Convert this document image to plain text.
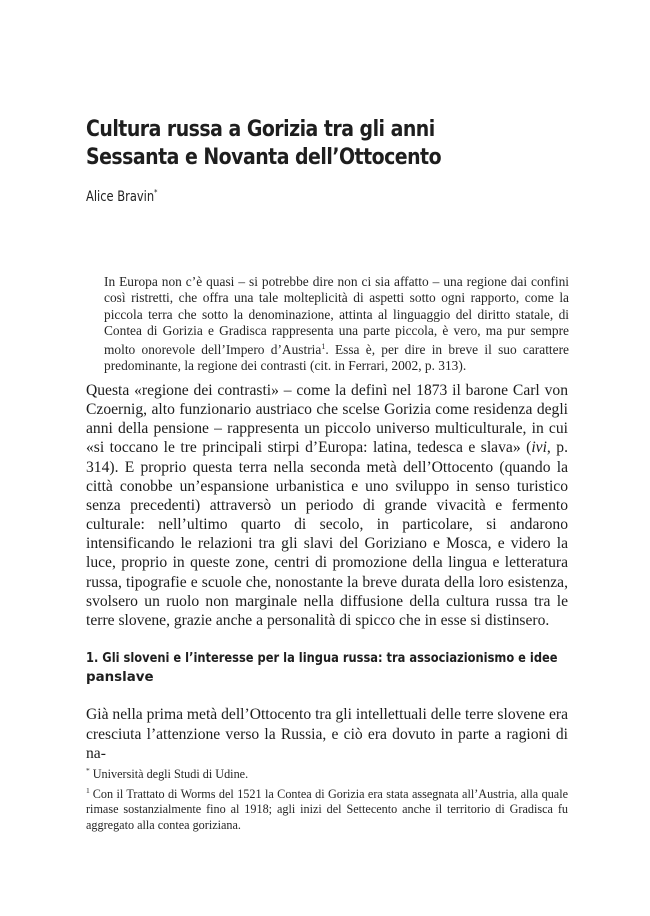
Cultura russa a Gorizia tra gli anni
Sessanta e Novanta dell’Ottocento
Alice Bravin*
In Europa non c’è quasi – si potrebbe dire non ci sia affatto – una regione dai confini così ristretti, che offra una tale molteplicità di aspetti sotto ogni rapporto, come la piccola terra che sotto la denominazione, attinta al linguaggio del diritto statale, di Contea di Gorizia e Gradisca rappresenta una parte piccola, è vero, ma pur sempre molto onorevole dell’Impero d’Austria$^1$. Essa è, per dire in breve il suo carattere predominante, la regione dei contrasti (cit. in Ferrari, 2002, p. 313).
Questa «regione dei contrasti» – come la definì nel 1873 il barone Carl von Czoernig, alto funzionario austriaco che scelse Gorizia come residenza degli anni della pensione – rappresenta un piccolo universo multiculturale, in cui «si toccano le tre principali stirpi d’Europa: latina, tedesca e slava» (ivi, p. 314). E proprio questa terra nella seconda metà dell’Ottocento (quando la città conobbe un’espansione urbanistica e uno sviluppo in senso turistico senza precedenti) attraversò un periodo di grande vivacità e fermento culturale: nell’ultimo quarto di secolo, in particolare, si andarono intensificando le relazioni tra gli slavi del Goriziano e Mosca, e videro la luce, proprio in queste zone, centri di promozione della lingua e letteratura russa, tipografie e scuole che, nonostante la breve durata della loro esistenza, svolsero un ruolo non marginale nella diffusione della cultura russa tra le terre slovene, grazie anche a personalità di spicco che in esse si distinsero.
1. Gli sloveni e l’interesse per la lingua russa: tra associazionismo e idee
panslave
Già nella prima metà dell’Ottocento tra gli intellettuali delle terre slovene era
cresciuta l’attenzione verso la Russia, e ciò era dovuto in parte a ragioni di na-
* Università degli Studi di Udine.
$^1$ Con il Trattato di Worms del 1521 la Contea di Gorizia era stata assegnata all’Austria, alla quale rimase sostanzialmente fino al 1918; agli inizi del Settecento anche il territorio di Gradisca fu aggregato alla contea goriziana.
